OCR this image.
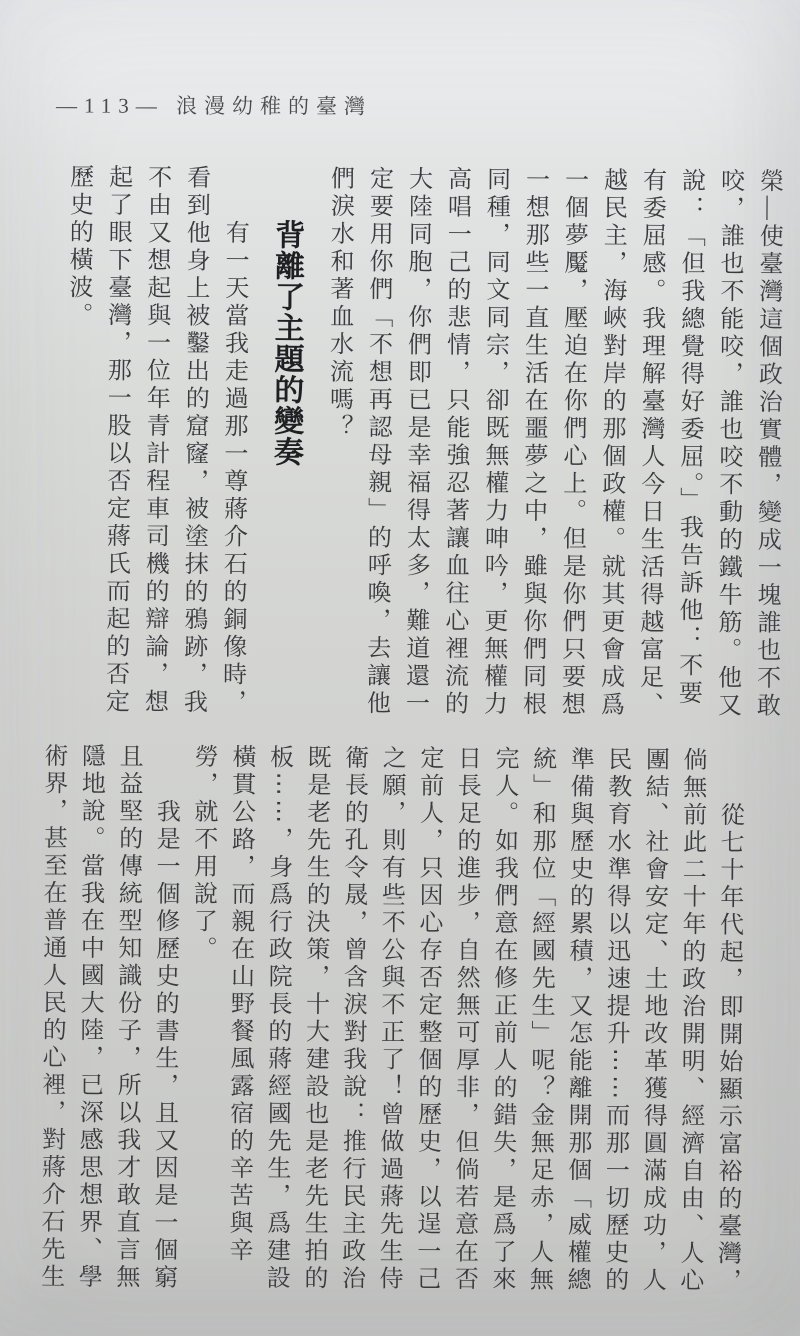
—113— 浪漫幼稚的臺灣

榮—使臺灣這個政治實體，變成一塊誰也不敢咬，誰也不能咬，誰也咬不動的鐵牛筋。他又說：「但我總覺得好委屈。」我告訴他：不要有委屈感。我理解臺灣人今日生活得越富足、越民主，海峽對岸的那個政權。就其更會成爲一個夢魘，壓迫在你們心上。但是你們只要想一想那些一直生活在噩夢之中，雖與你們同根同種，同文同宗，卻既無權力呻吟，更無權力高唱一己的悲情，只能強忍著讓血往心裡流的大陸同胞，你們即已是幸福得太多，難道還一定要用你們「不想再認母親」的呼喚，去讓他們淚水和著血水流嗎？

背離了主題的變奏

有一天當我走過那一尊蔣介石的銅像時，看到他身上被鑿出的窟窿，被塗抹的鴉跡，我不由又想起與一位年青計程車司機的辯論，想起了眼下臺灣，那一股以否定蔣氏而起的否定歷史的橫波。

從七十年代起，即開始顯示富裕的臺灣，倘無前此二十年的政治開明、經濟自由、人心團結、社會安定、土地改革獲得圓滿成功，人民教育水準得以迅速提升⋯⋯而那一切歷史的準備與歷史的累積，又怎能離開那個「威權總統」和那位「經國先生」呢？金無足赤，人無完人。如我們意在修正前人的錯失，是爲了來日長足的進步，自然無可厚非，但倘若意在否定前人，只因心存否定整個的歷史，以逞一己之願，則有些不公與不正了！曾做過蔣先生侍衛長的孔令晟，曾含淚對我說：推行民主政治既是老先生的決策，十大建設也是老先生拍的板⋯⋯，身爲行政院長的蔣經國先生，爲建設橫貫公路，而親在山野餐風露宿的辛苦與辛勞，就不用說了。

我是一個修歷史的書生，且又因是一個窮且益堅的傳統型知識份子，所以我才敢直言無隱地說。當我在中國大陸，已深感思想界、學術界，甚至在普通人民的心裡，對蔣介石先生
